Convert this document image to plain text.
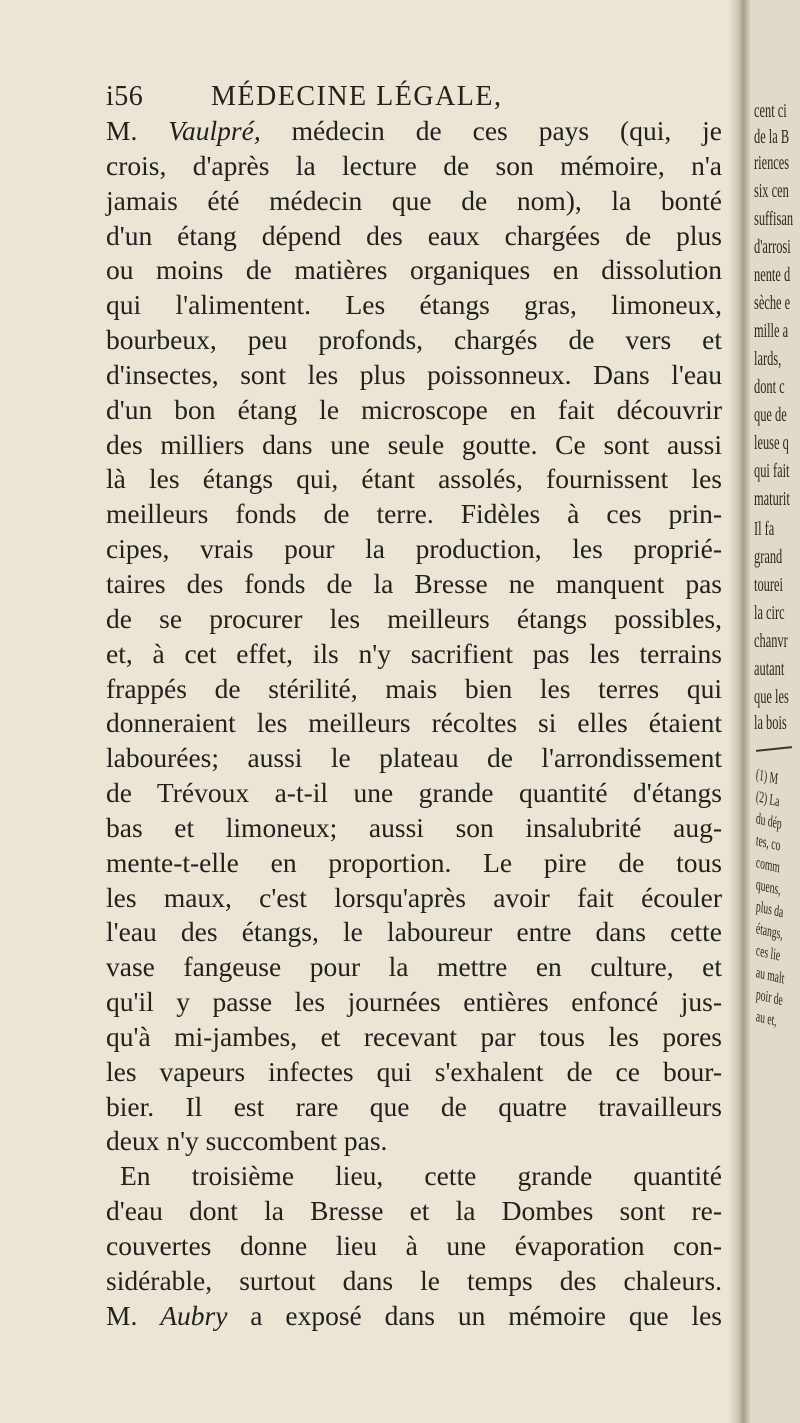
i56 MÉDECINE LÉGALE,
M. Vaulpré, médecin de ces pays (qui, je
crois, d'après la lecture de son mémoire, n'a
jamais été médecin que de nom), la bonté
d'un étang dépend des eaux chargées de plus
ou moins de matières organiques en dissolution
qui l'alimentent. Les étangs gras, limoneux,
bourbeux, peu profonds, chargés de vers et
d'insectes, sont les plus poissonneux. Dans l'eau
d'un bon étang le microscope en fait découvrir
des milliers dans une seule goutte. Ce sont aussi
là les étangs qui, étant assolés, fournissent les
meilleurs fonds de terre. Fidèles à ces prin-
cipes, vrais pour la production, les proprié-
taires des fonds de la Bresse ne manquent pas
de se procurer les meilleurs étangs possibles,
et, à cet effet, ils n'y sacrifient pas les terrains
frappés de stérilité, mais bien les terres qui
donneraient les meilleurs récoltes si elles étaient
labourées; aussi le plateau de l'arrondissement
de Trévoux a-t-il une grande quantité d'étangs
bas et limoneux; aussi son insalubrité aug-
mente-t-elle en proportion. Le pire de tous
les maux, c'est lorsqu'après avoir fait écouler
l'eau des étangs, le laboureur entre dans cette
vase fangeuse pour la mettre en culture, et
qu'il y passe les journées entières enfoncé jus-
qu'à mi-jambes, et recevant par tous les pores
les vapeurs infectes qui s'exhalent de ce bour-
bier. Il est rare que de quatre travailleurs
deux n'y succombent pas.
En troisième lieu, cette grande quantité
d'eau dont la Bresse et la Dombes sont re-
couvertes donne lieu à une évaporation con-
sidérable, surtout dans le temps des chaleurs.
M. Aubry a exposé dans un mémoire que les
cent ci
de la B
riences
six cen
suffisan
d'arrosi
nente d
sèche e
mille a
lards,
dont c
que de
leuse q
qui fait
maturit
Il fa
grand
tourei
la circ
chanvr
autant
que les
la bois
(1) M
(2) La
du dép
tes, co
comm
quens,
plus da
étangs,
ces lie
au malt
poir de
au et,
